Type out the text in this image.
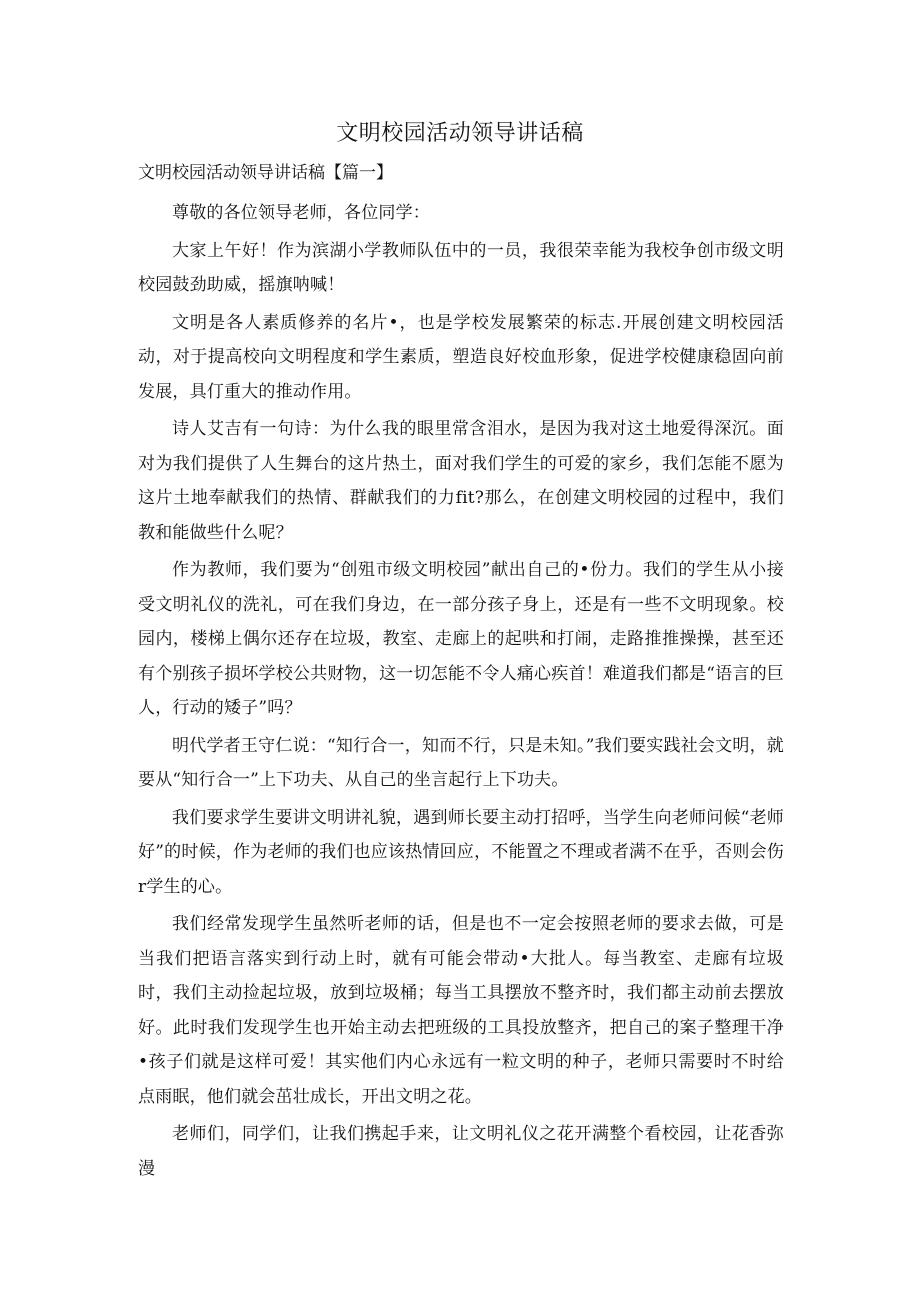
文明校园活动领导讲话稿

文明校园活动领导讲话稿【篇一】

尊敬的各位领导老师，各位同学：

大家上午好！作为滨湖小学教师队伍中的一员，我很荣幸能为我校争创市级文明校园鼓劲助威，摇旗呐喊！

文明是各人素质修养的名片•，也是学校发展繁荣的标志.开展创建文明校园活动，对于提高校向文明程度和学生素质，塑造良好校血形象，促进学校健康稳固向前发展，具仃重大的推动作用。

诗人艾吉有一句诗：为什么我的眼里常含泪水，是因为我对这土地爱得深沉。面对为我们提供了人生舞台的这片热土，面对我们学生的可爱的家乡，我们怎能不愿为这片土地奉献我们的热情、群献我们的力fit?那么，在创建文明校园的过程中，我们教和能做些什么呢？

作为教师，我们要为“创殂市级文明校园”献出自己的•份力。我们的学生从小接受文明礼仪的洗礼，可在我们身边，在一部分孩子身上，还是有一些不文明现象。校园内，楼梯上偶尔还存在垃圾，教室、走廊上的起哄和打闹，走路推推操操，甚至还有个别孩子损坏学校公共财物，这一切怎能不令人痛心疾首！难道我们都是“语言的巨人，行动的矮子”吗？

明代学者王守仁说：“知行合一，知而不行，只是未知。”我们要实践社会文明，就要从“知行合一”上下功夫、从自己的坐言起行上下功夫。

我们要求学生要讲文明讲礼貌，遇到师长要主动打招呼，当学生向老师问候“老师好”的时候，作为老师的我们也应该热情回应，不能置之不理或者满不在乎，否则会伤r学生的心。

我们经常发现学生虽然听老师的话，但是也不一定会按照老师的要求去做，可是当我们把语言落实到行动上时，就有可能会带动•大批人。每当教室、走廊有垃圾时，我们主动捡起垃圾，放到垃圾桶；每当工具摆放不整齐时，我们都主动前去摆放好。此时我们发现学生也开始主动去把班级的工具投放整齐，把自己的案子整理干净•孩子们就是这样可爱！其实他们内心永远有一粒文明的种子，老师只需要时不时给点雨眠，他们就会茁壮成长，开出文明之花。

老师们，同学们，让我们携起手来，让文明礼仪之花开满整个看校园，让花香弥漫
